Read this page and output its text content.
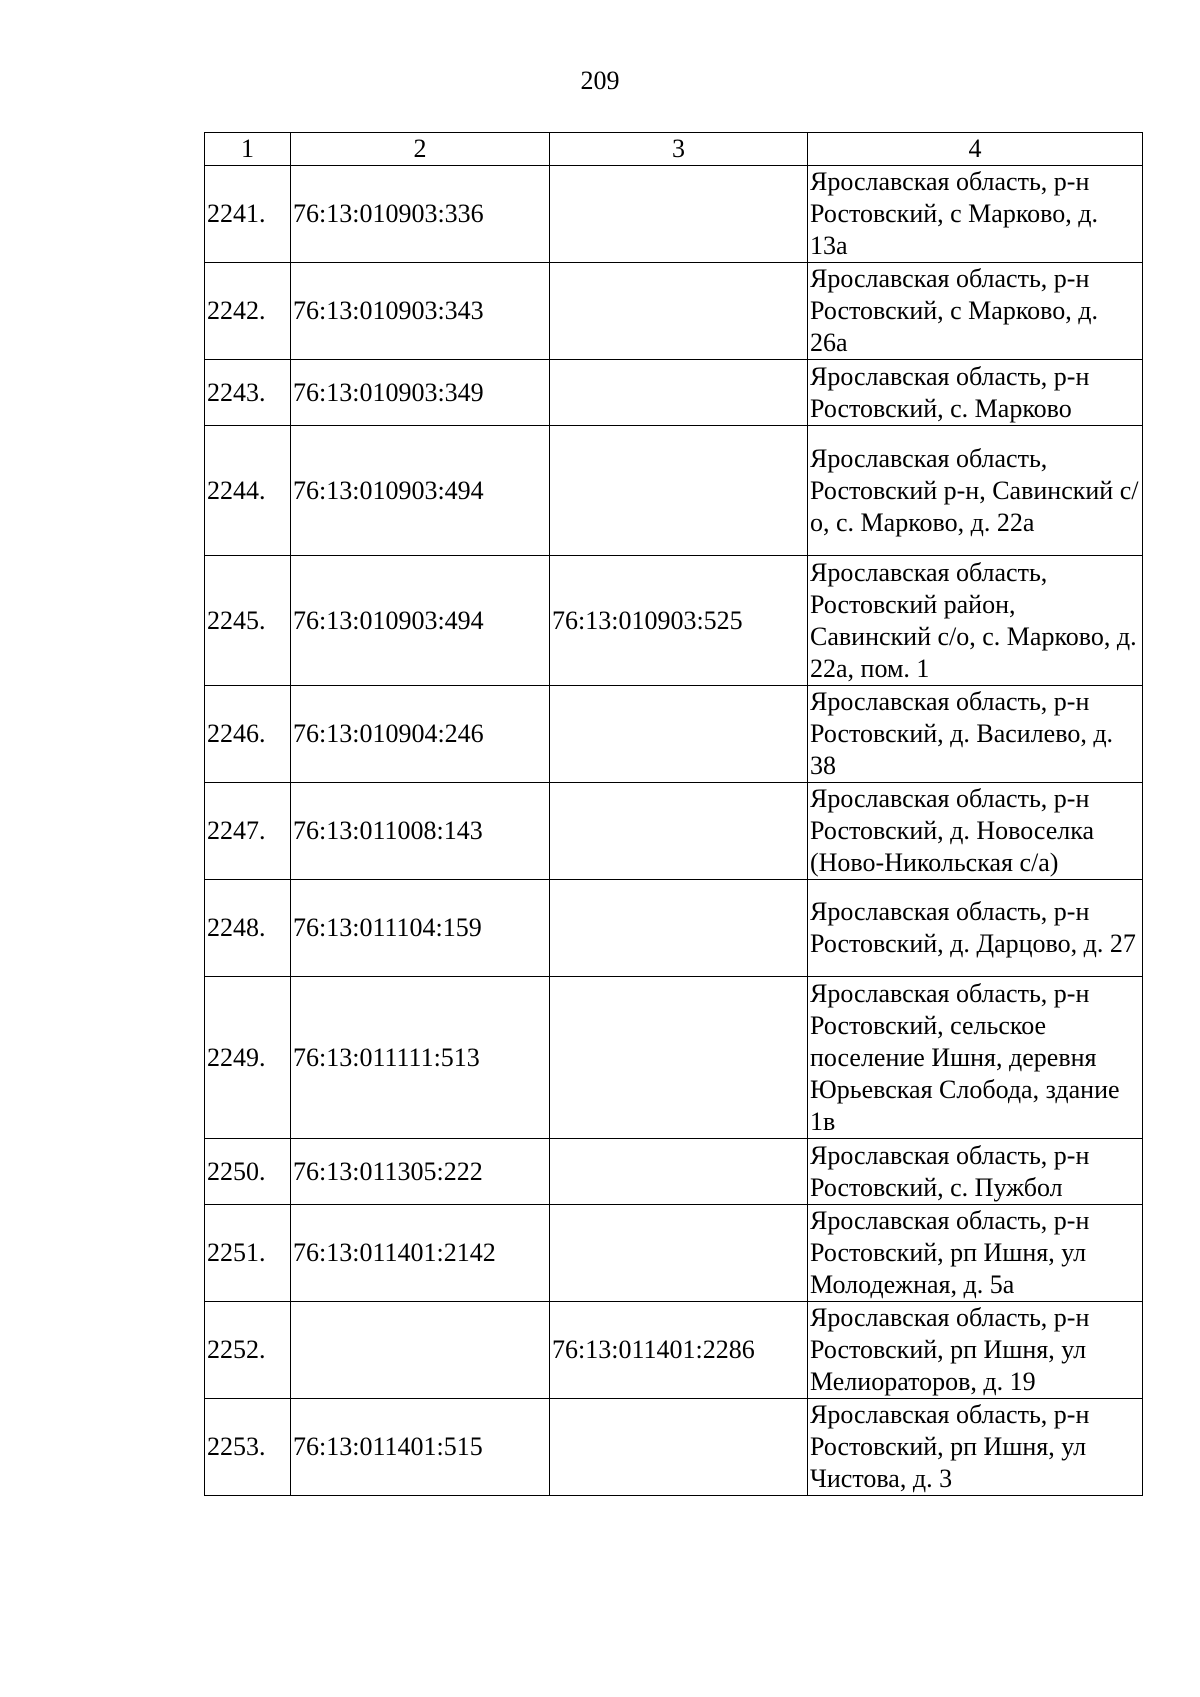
209
1	2	3	4
2241.	76:13:010903:336		Ярославская область, р-н Ростовский, с Марково, д. 13а
2242.	76:13:010903:343		Ярославская область, р-н Ростовский, с Марково, д. 26а
2243.	76:13:010903:349		Ярославская область, р-н Ростовский, с. Марково
2244.	76:13:010903:494		Ярославская область, Ростовский р-н, Савинский с/о, с. Марково, д. 22а
2245.	76:13:010903:494	76:13:010903:525	Ярославская область, Ростовский район, Савинский с/о, с. Марково, д. 22а, пом. 1
2246.	76:13:010904:246		Ярославская область, р-н Ростовский, д. Василево, д. 38
2247.	76:13:011008:143		Ярославская область, р-н Ростовский, д. Новоселка (Ново-Никольская с/а)
2248.	76:13:011104:159		Ярославская область, р-н Ростовский, д. Дарцово, д. 27
2249.	76:13:011111:513		Ярославская область, р-н Ростовский, сельское поселение Ишня, деревня Юрьевская Слобода, здание 1в
2250.	76:13:011305:222		Ярославская область, р-н Ростовский, с. Пужбол
2251.	76:13:011401:2142		Ярославская область, р-н Ростовский, рп Ишня, ул Молодежная, д. 5а
2252.		76:13:011401:2286	Ярославская область, р-н Ростовский, рп Ишня, ул Мелиораторов, д. 19
2253.	76:13:011401:515		Ярославская область, р-н Ростовский, рп Ишня, ул Чистова, д. 3
